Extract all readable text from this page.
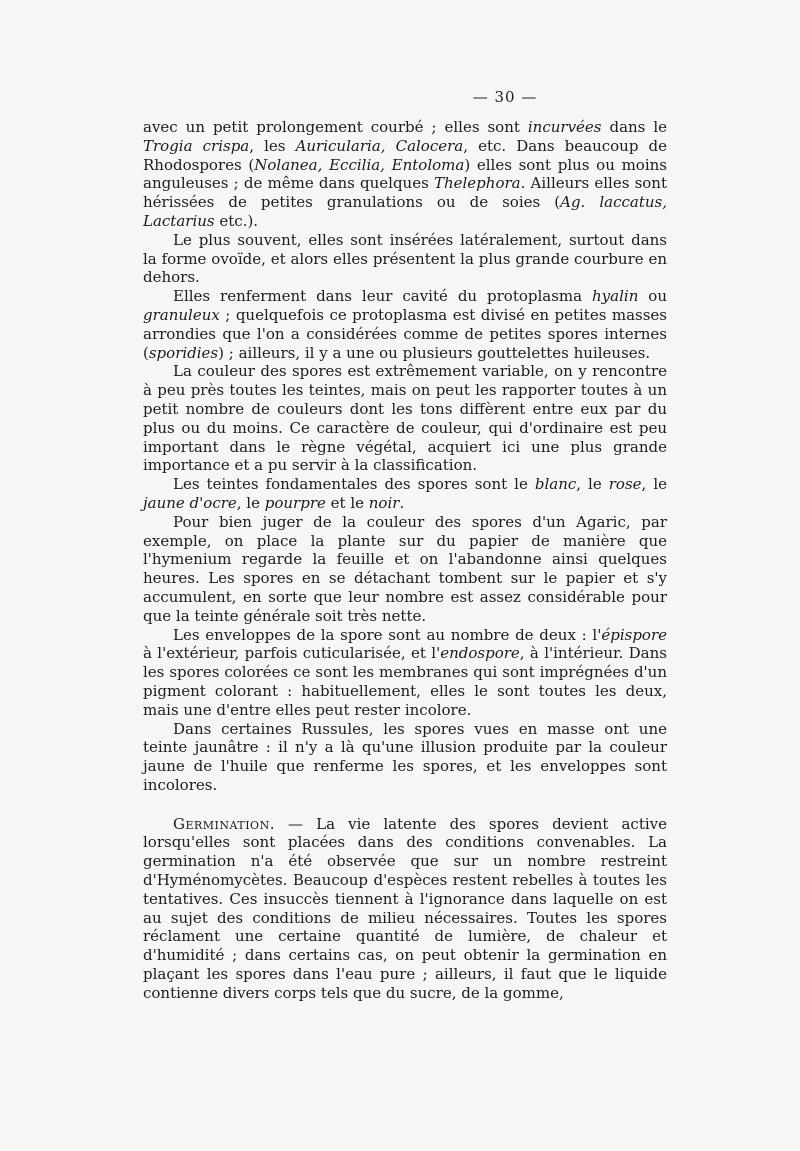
— 30 —

avec un petit prolongement courbé ; elles sont incurvées dans le Trogia crispa, les Auricularia, Calocera, etc. Dans beaucoup de Rhodospores (Nolanea, Eccilia, Entoloma) elles sont plus ou moins anguleuses ; de même dans quelques Thelephora. Ailleurs elles sont hérissées de petites granulations ou de soies (Ag. laccatus, Lactarius etc.).

Le plus souvent, elles sont insérées latéralement, surtout dans la forme ovoïde, et alors elles présentent la plus grande courbure en dehors.

Elles renferment dans leur cavité du protoplasma hyalin ou granuleux ; quelquefois ce protoplasma est divisé en petites masses arrondies que l'on a considérées comme de petites spores internes (sporidies) ; ailleurs, il y a une ou plusieurs gouttelettes huileuses.

La couleur des spores est extrêmement variable, on y rencontre à peu près toutes les teintes, mais on peut les rapporter toutes à un petit nombre de couleurs dont les tons diffèrent entre eux par du plus ou du moins. Ce caractère de couleur, qui d'ordinaire est peu important dans le règne végétal, acquiert ici une plus grande importance et a pu servir à la classification.

Les teintes fondamentales des spores sont le blanc, le rose, le jaune d'ocre, le pourpre et le noir.

Pour bien juger de la couleur des spores d'un Agaric, par exemple, on place la plante sur du papier de manière que l'hymenium regarde la feuille et on l'abandonne ainsi quelques heures. Les spores en se détachant tombent sur le papier et s'y accumulent, en sorte que leur nombre est assez considérable pour que la teinte générale soit très nette.

Les enveloppes de la spore sont au nombre de deux : l'épispore à l'extérieur, parfois cuticularisée, et l'endospore, à l'intérieur. Dans les spores colorées ce sont les membranes qui sont imprégnées d'un pigment colorant : habituellement, elles le sont toutes les deux, mais une d'entre elles peut rester incolore.

Dans certaines Russules, les spores vues en masse ont une teinte jaunâtre : il n'y a là qu'une illusion produite par la couleur jaune de l'huile que renferme les spores, et les enveloppes sont incolores.

Germination. — La vie latente des spores devient active lorsqu'elles sont placées dans des conditions convenables. La germination n'a été observée que sur un nombre restreint d'Hyménomycètes. Beaucoup d'espèces restent rebelles à toutes les tentatives. Ces insuccès tiennent à l'ignorance dans laquelle on est au sujet des conditions de milieu nécessaires. Toutes les spores réclament une certaine quantité de lumière, de chaleur et d'humidité ; dans certains cas, on peut obtenir la germination en plaçant les spores dans l'eau pure ; ailleurs, il faut que le liquide contienne divers corps tels que du sucre, de la gomme,
